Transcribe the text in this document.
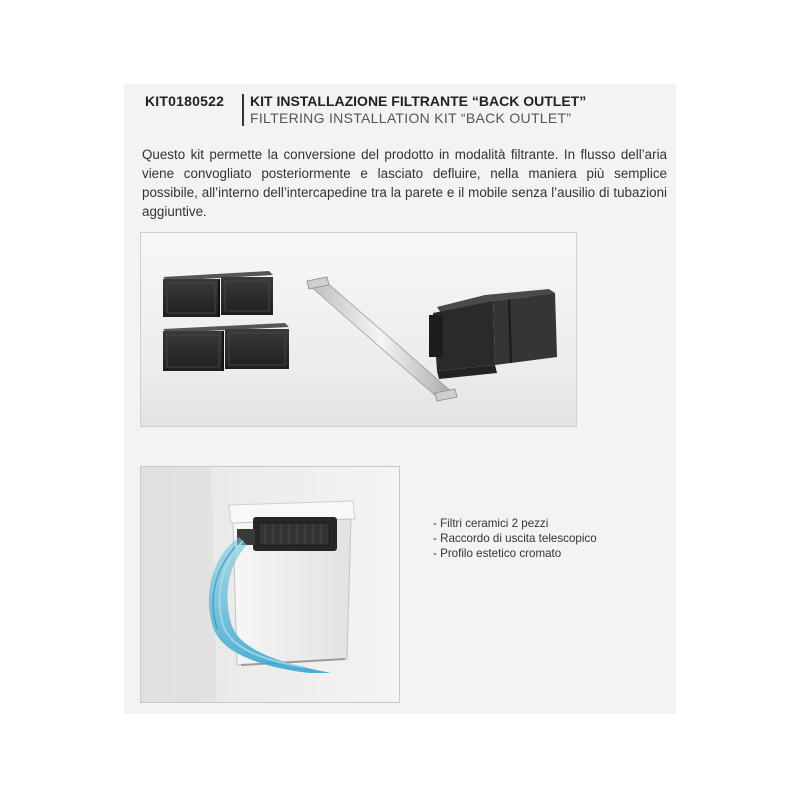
KIT0180522 KIT INSTALLAZIONE FILTRANTE “BACK OUTLET”
FILTERING INSTALLATION KIT “BACK OUTLET”

Questo kit permette la conversione del prodotto in modalità filtrante. In flusso dell’aria viene convogliato posteriormente e lasciato defluire, nella maniera più semplice possibile, all’interno dell’intercapedine tra la parete e il mobile senza l’ausilio di tubazioni aggiuntive.

- Filtri ceramici 2 pezzi
- Raccordo di uscita telescopico
- Profilo estetico cromato
